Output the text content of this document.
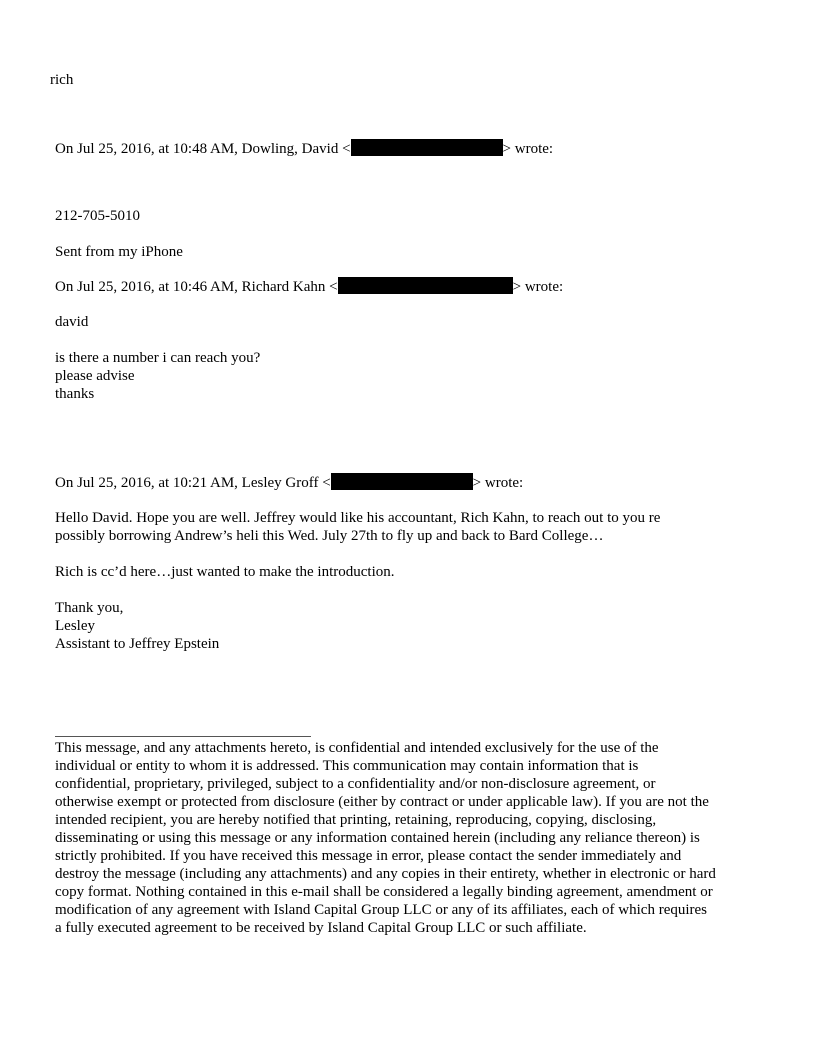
rich

On Jul 25, 2016, at 10:48 AM, Dowling, David <	> wrote:

212-705-5010

Sent from my iPhone

On Jul 25, 2016, at 10:46 AM, Richard Kahn <	> wrote:

david

is there a number i can reach you?

please advise

thanks

On Jul 25, 2016, at 10:21 AM, Lesley Groff <	> wrote:

Hello David. Hope you are well. Jeffrey would like his accountant, Rich Kahn, to reach out to you re

possibly borrowing Andrew’s heli this Wed. July 27th to fly up and back to Bard College…

Rich is cc’d here…just wanted to make the introduction.

Thank you,

Lesley

Assistant to Jeffrey Epstein

This message, and any attachments hereto, is confidential and intended exclusively for the use of the
individual or entity to whom it is addressed. This communication may contain information that is
confidential, proprietary, privileged, subject to a confidentiality and/or non-disclosure agreement, or
otherwise exempt or protected from disclosure (either by contract or under applicable law). If you are not the
intended recipient, you are hereby notified that printing, retaining, reproducing, copying, disclosing,
disseminating or using this message or any information contained herein (including any reliance thereon) is
strictly prohibited. If you have received this message in error, please contact the sender immediately and
destroy the message (including any attachments) and any copies in their entirety, whether in electronic or hard
copy format. Nothing contained in this e-mail shall be considered a legally binding agreement, amendment or
modification of any agreement with Island Capital Group LLC or any of its affiliates, each of which requires
a fully executed agreement to be received by Island Capital Group LLC or such affiliate.
